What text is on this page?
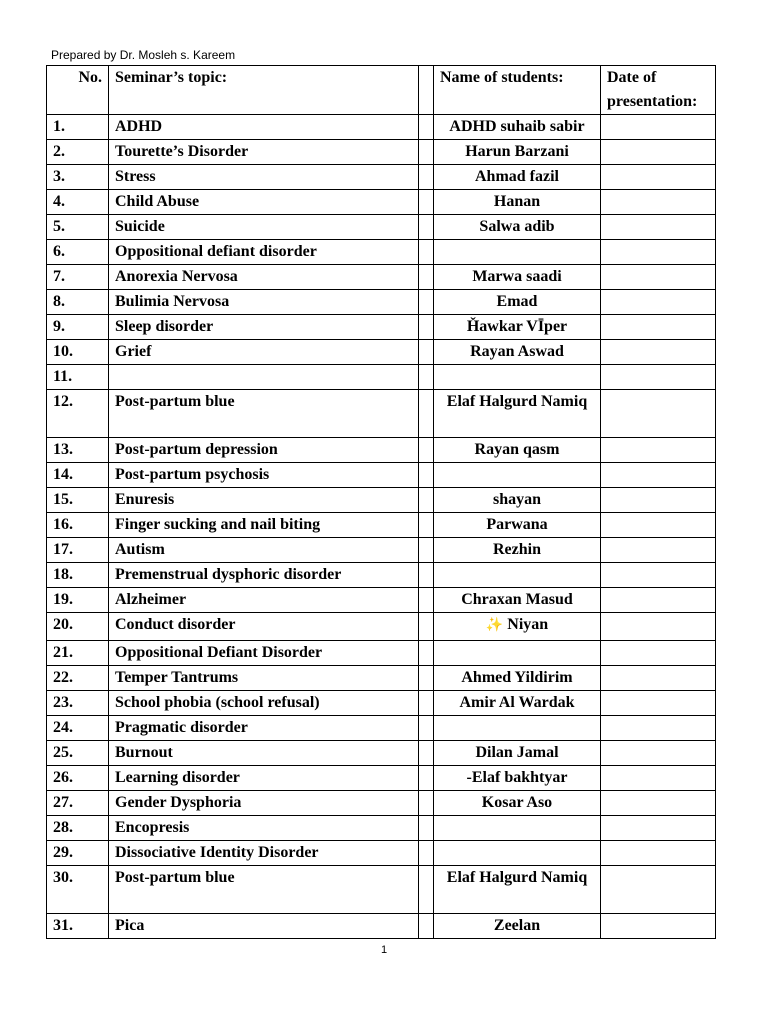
Prepared by Dr. Mosleh s. Kareem
No.	Seminar’s topic:		Name of students:	Date of presentation:
1.	ADHD		ADHD suhaib sabir	
2.	Tourette’s Disorder		Harun Barzani	
3.	Stress		Ahmad fazil	
4.	Child Abuse		Hanan	
5.	Suicide		Salwa adib	
6.	Oppositional defiant disorder			
7.	Anorexia Nervosa		Marwa saadi	
8.	Bulimia Nervosa		Emad	
9.	Sleep disorder		Ȟawkar VĪper	
10.	Grief		Rayan Aswad	
11.				
12.	Post-partum blue		Elaf Halgurd Namiq	
13.	Post-partum depression		Rayan qasm	
14.	Post-partum psychosis			
15.	Enuresis		shayan	
16.	Finger sucking and nail biting		Parwana	
17.	Autism		Rezhin	
18.	Premenstrual dysphoric disorder			
19.	Alzheimer		Chraxan Masud	
20.	Conduct disorder		✨ Niyan	
21.	Oppositional Defiant Disorder			
22.	Temper Tantrums		Ahmed Yildirim	
23.	School phobia (school refusal)		Amir Al Wardak	
24.	Pragmatic disorder			
25.	Burnout		Dilan Jamal	
26.	Learning disorder		-Elaf bakhtyar	
27.	Gender Dysphoria		Kosar Aso	
28.	Encopresis			
29.	Dissociative Identity Disorder			
30.	Post-partum blue		Elaf Halgurd Namiq	
31.	Pica		Zeelan	
1
